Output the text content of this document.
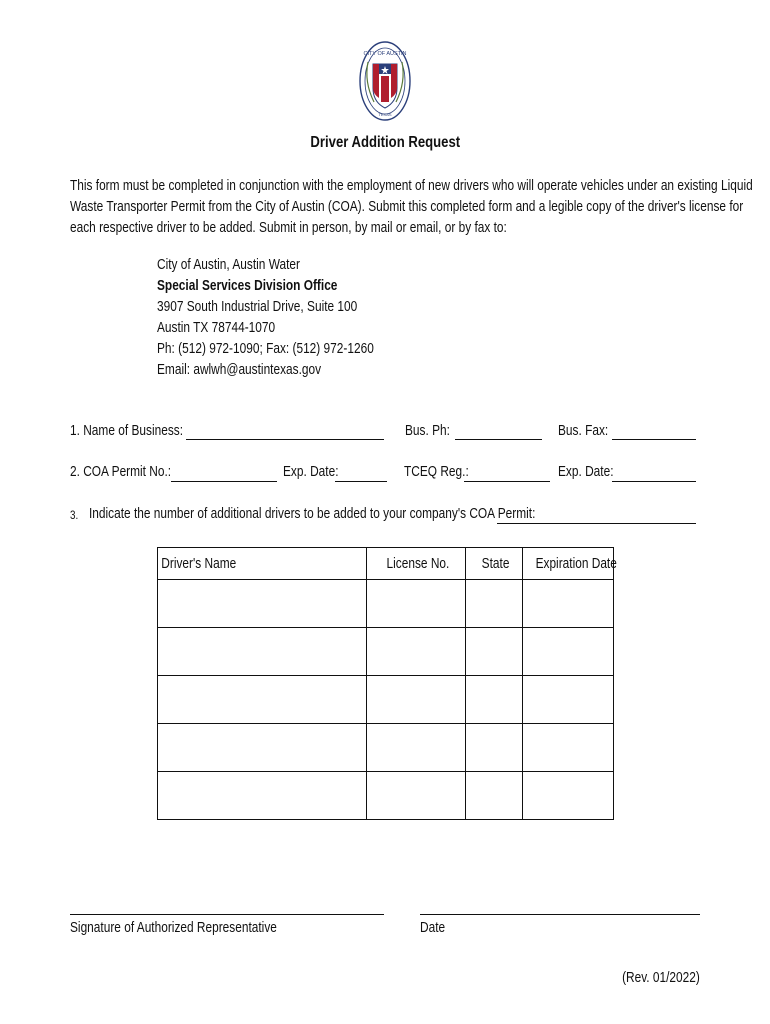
CITY OF AUSTIN
TEXAS
Driver Addition Request
This form must be completed in conjunction with the employment of new drivers who will operate vehicles under an existing Liquid
Waste Transporter Permit from the City of Austin (COA). Submit this completed form and a legible copy of the driver's license for
each respective driver to be added. Submit in person, by mail or email, or by fax to:
City of Austin, Austin Water
Special Services Division Office
3907 South Industrial Drive, Suite 100
Austin TX 78744-1070
Ph: (512) 972-1090; Fax: (512) 972-1260
Email: awlwh@austintexas.gov
1. Name of Business:	Bus. Ph:	Bus. Fax:
2. COA Permit No.:	Exp. Date:	TCEQ Reg.:	Exp. Date:
3. Indicate the number of additional drivers to be added to your company's COA Permit:
Driver's Name	License No.	State	Expiration Date

Signature of Authorized Representative	Date
(Rev. 01/2022)
